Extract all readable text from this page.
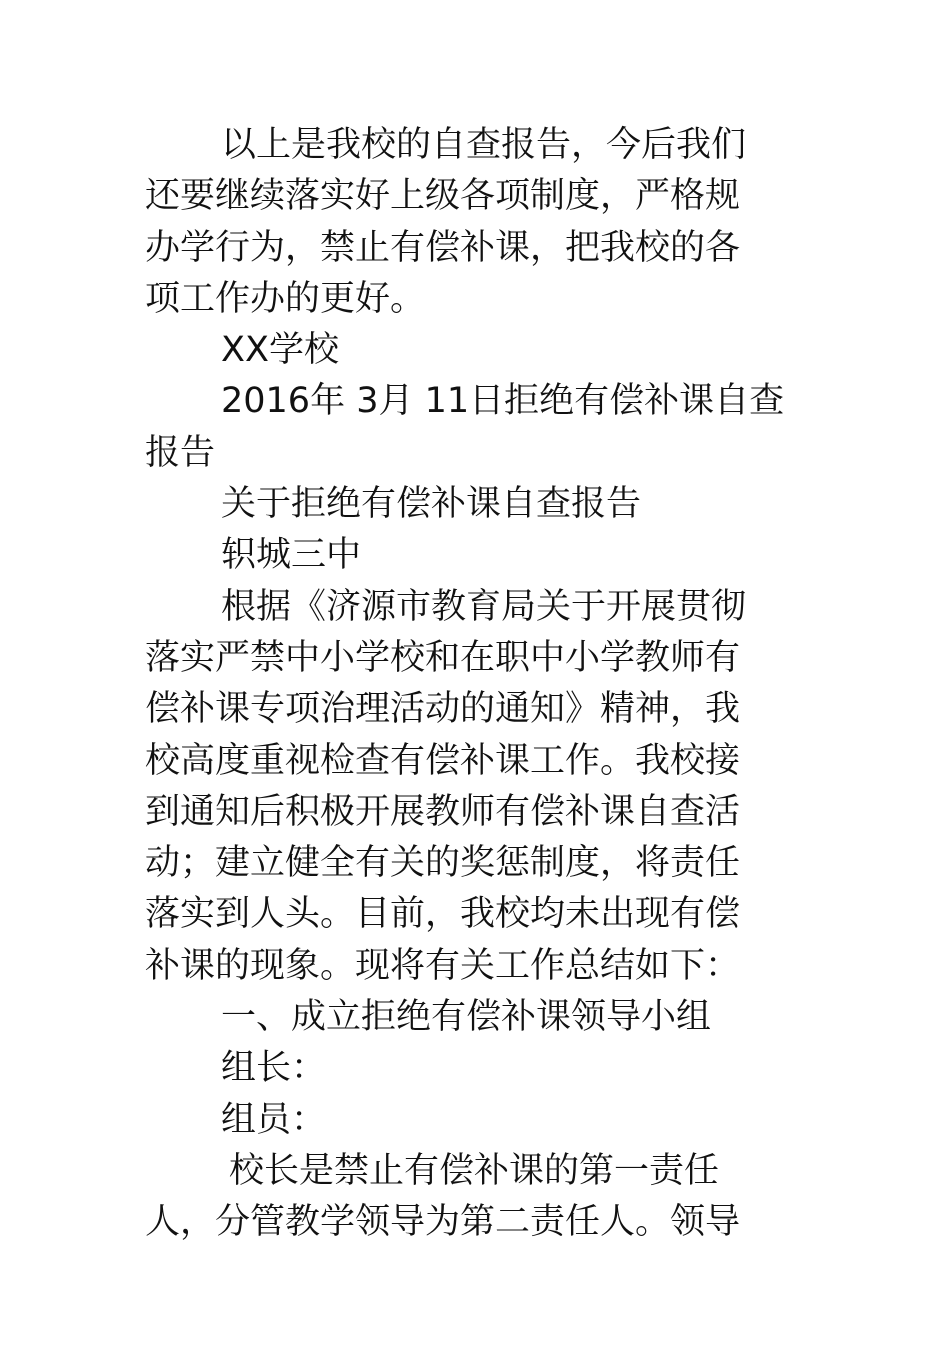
以上是我校的自查报告，今后我们
还要继续落实好上级各项制度，严格规
办学行为，禁止有偿补课，把我校的各
项工作办的更好。
XX学校
2016年 3月 11日拒绝有偿补课自查
报告
关于拒绝有偿补课自查报告
轵城三中
根据《济源市教育局关于开展贯彻
落实严禁中小学校和在职中小学教师有
偿补课专项治理活动的通知》精神，我
校高度重视检查有偿补课工作。我校接
到通知后积极开展教师有偿补课自查活
动；建立健全有关的奖惩制度，将责任
落实到人头。目前，我校均未出现有偿
补课的现象。现将有关工作总结如下：
一、成立拒绝有偿补课领导小组
组长：
组员：
校长是禁止有偿补课的第一责任
人，分管教学领导为第二责任人。领导
